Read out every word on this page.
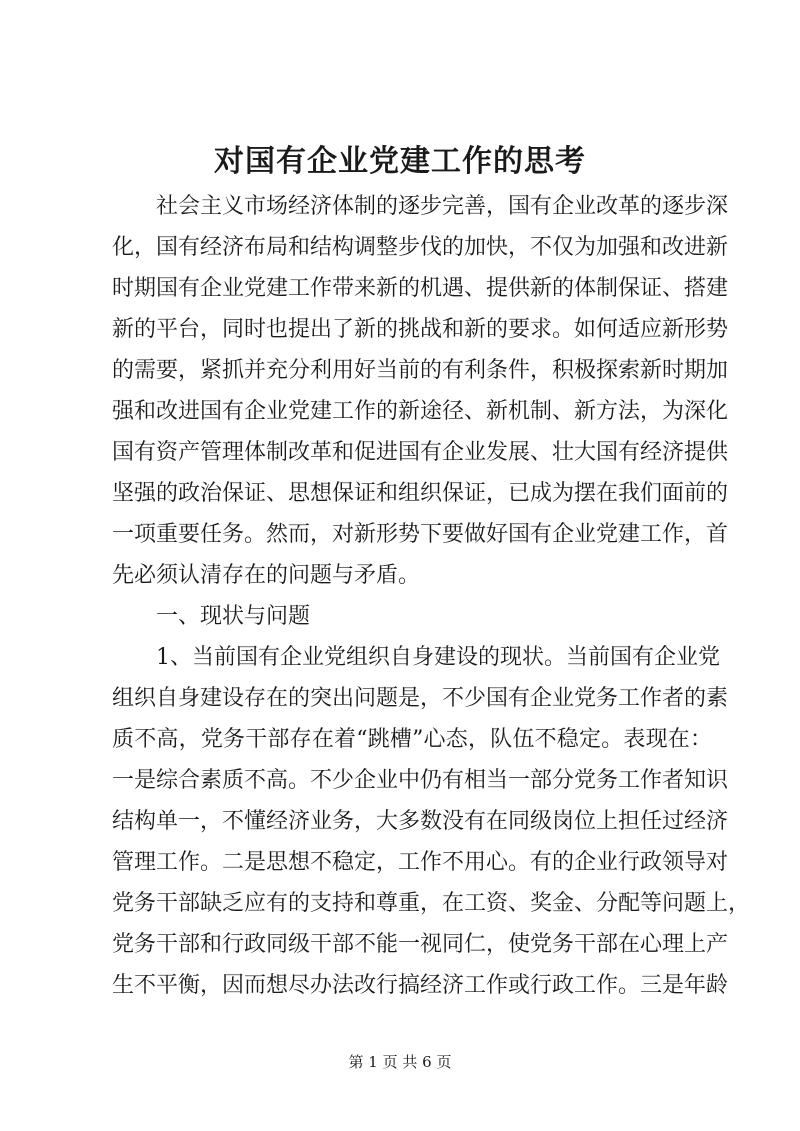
对国有企业党建工作的思考
社会主义市场经济体制的逐步完善，国有企业改革的逐步深
化，国有经济布局和结构调整步伐的加快，不仅为加强和改进新
时期国有企业党建工作带来新的机遇、提供新的体制保证、搭建
新的平台，同时也提出了新的挑战和新的要求。如何适应新形势
的需要，紧抓并充分利用好当前的有利条件，积极探索新时期加
强和改进国有企业党建工作的新途径、新机制、新方法，为深化
国有资产管理体制改革和促进国有企业发展、壮大国有经济提供
坚强的政治保证、思想保证和组织保证，已成为摆在我们面前的
一项重要任务。然而，对新形势下要做好国有企业党建工作，首
先必须认清存在的问题与矛盾。
一、现状与问题
1、当前国有企业党组织自身建设的现状。当前国有企业党
组织自身建设存在的突出问题是，不少国有企业党务工作者的素
质不高，党务干部存在着“跳槽”心态，队伍不稳定。表现在：
一是综合素质不高。不少企业中仍有相当一部分党务工作者知识
结构单一，不懂经济业务，大多数没有在同级岗位上担任过经济
管理工作。二是思想不稳定，工作不用心。有的企业行政领导对
党务干部缺乏应有的支持和尊重，在工资、奖金、分配等问题上，
党务干部和行政同级干部不能一视同仁，使党务干部在心理上产
生不平衡，因而想尽办法改行搞经济工作或行政工作。三是年龄
第 1 页 共 6 页
